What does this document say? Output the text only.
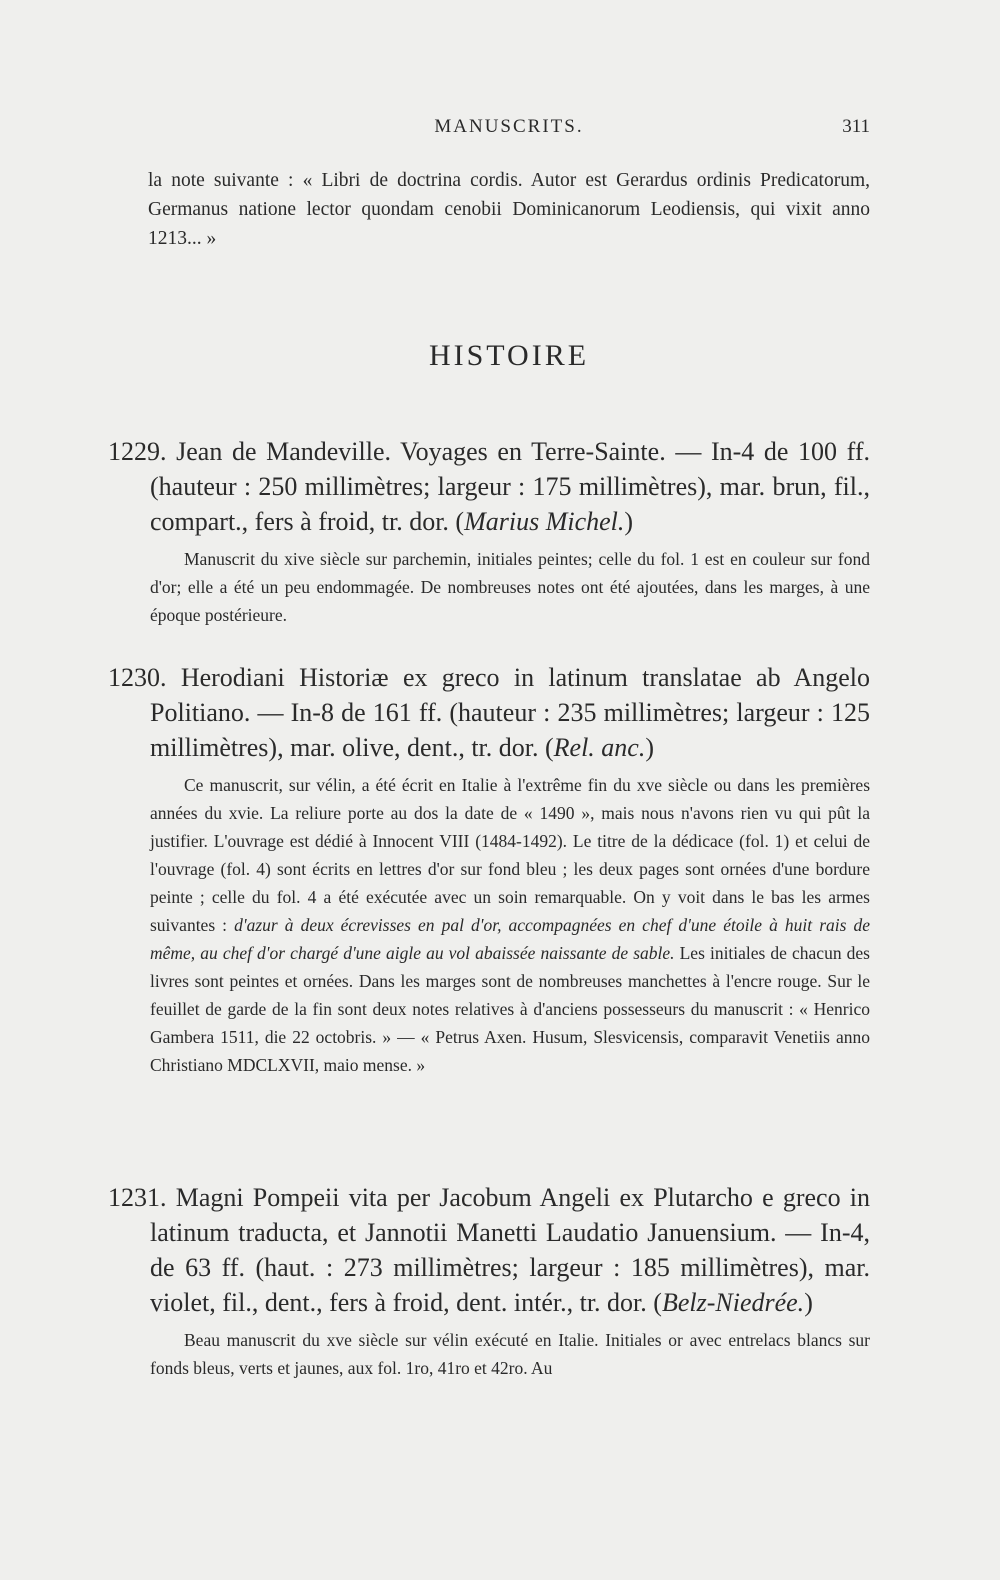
MANUSCRITS.	311

la note suivante : « Libri de doctrina cordis. Autor est Gerardus ordinis Predicatorum, Germanus natione lector quondam cenobii Dominicanorum Leodiensis, qui vixit anno 1213... »

HISTOIRE

1229. Jean de Mandeville. Voyages en Terre-Sainte. — In-4 de 100 ff. (hauteur : 250 millimètres; largeur : 175 millimètres), mar. brun, fil., compart., fers à froid, tr. dor. (Marius Michel.)

Manuscrit du xive siècle sur parchemin, initiales peintes; celle du fol. 1 est en couleur sur fond d'or; elle a été un peu endommagée. De nombreuses notes ont été ajoutées, dans les marges, à une époque postérieure.

1230. Herodiani Historiæ ex greco in latinum translatae ab Angelo Politiano. — In-8 de 161 ff. (hauteur : 235 millimètres; largeur : 125 millimètres), mar. olive, dent., tr. dor. (Rel. anc.)

Ce manuscrit, sur vélin, a été écrit en Italie à l'extrême fin du xve siècle ou dans les premières années du xvie. La reliure porte au dos la date de « 1490 », mais nous n'avons rien vu qui pût la justifier. L'ouvrage est dédié à Innocent VIII (1484-1492). Le titre de la dédicace (fol. 1) et celui de l'ouvrage (fol. 4) sont écrits en lettres d'or sur fond bleu ; les deux pages sont ornées d'une bordure peinte ; celle du fol. 4 a été exécutée avec un soin remarquable. On y voit dans le bas les armes suivantes : d'azur à deux écrevisses en pal d'or, accompagnées en chef d'une étoile à huit rais de même, au chef d'or chargé d'une aigle au vol abaissée naissante de sable. Les initiales de chacun des livres sont peintes et ornées. Dans les marges sont de nombreuses manchettes à l'encre rouge. Sur le feuillet de garde de la fin sont deux notes relatives à d'anciens possesseurs du manuscrit : « Henrico Gambera 1511, die 22 octobris. » — « Petrus Axen. Husum, Slesvicensis, comparavit Venetiis anno Christiano MDCLXVII, maio mense. »

1231. Magni Pompeii vita per Jacobum Angeli ex Plutarcho e greco in latinum traducta, et Jannotii Manetti Laudatio Januensium. — In-4, de 63 ff. (haut. : 273 millimètres; largeur : 185 millimètres), mar. violet, fil., dent., fers à froid, dent. intér., tr. dor. (Belz-Niedrée.)

Beau manuscrit du xve siècle sur vélin exécuté en Italie. Initiales or avec entrelacs blancs sur fonds bleus, verts et jaunes, aux fol. 1ro, 41ro et 42ro. Au
